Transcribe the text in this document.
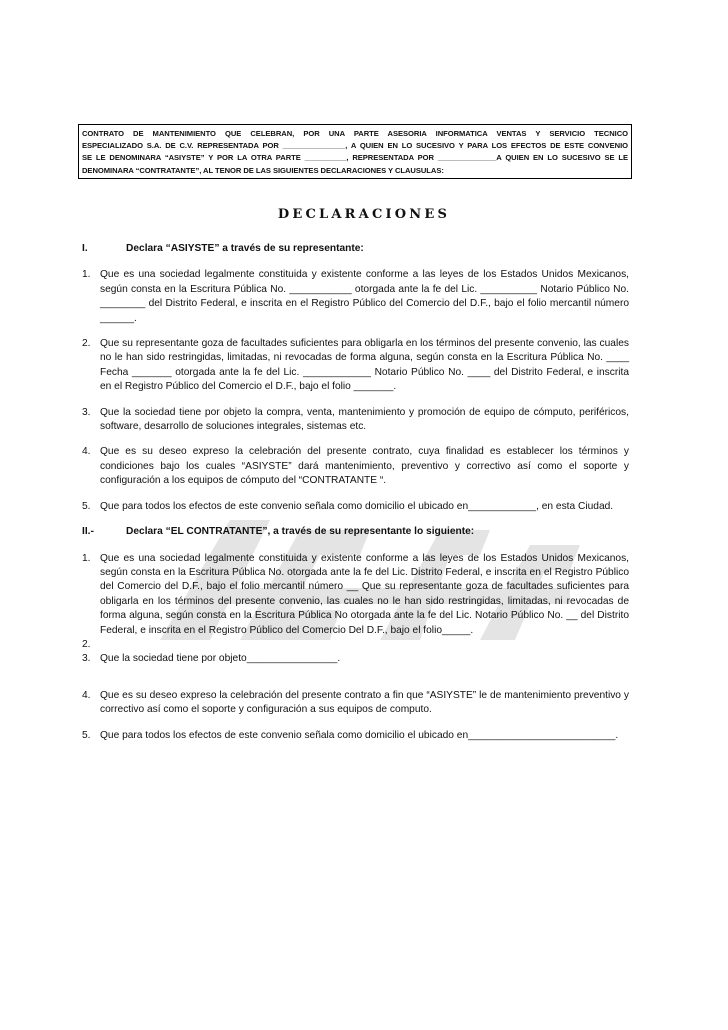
CONTRATO DE MANTENIMIENTO QUE CELEBRAN, POR UNA PARTE ASESORIA INFORMATICA VENTAS Y SERVICIO TECNICO
ESPECIALIZADO S.A. DE C.V. REPRESENTADA POR _______________, A QUIEN EN LO SUCESIVO Y PARA LOS EFECTOS DE ESTE CONVENIO
SE LE DENOMINARA “ASIYSTE” Y POR LA OTRA PARTE __________, REPRESENTADA POR ______________A QUIEN EN LO SUCESIVO SE LE
DENOMINARA “CONTRATANTE”, AL TENOR DE LAS SIGUIENTES DECLARACIONES Y CLAUSULAS:
DECLARACIONES
I.	Declara “ASIYSTE” a través de su representante:
1. Que es una sociedad legalmente constituida y existente conforme a las leyes de los Estados Unidos Mexicanos, según consta en la Escritura Pública No. ___________ otorgada ante la fe del Lic. __________ Notario Público No. ________ del Distrito Federal, e inscrita en el Registro Público del Comercio del D.F., bajo el folio mercantil número ______.
2. Que su representante goza de facultades suficientes para obligarla en los términos del presente convenio, las cuales no le han sido restringidas, limitadas, ni revocadas de forma alguna, según consta en la Escritura Pública No. ____ Fecha _______ otorgada ante la fe del Lic. ____________ Notario Público No. ____ del Distrito Federal, e inscrita en el Registro Público del Comercio el D.F., bajo el folio _______.
3. Que la sociedad tiene por objeto la compra, venta, mantenimiento y promoción de equipo de cómputo, periféricos, software, desarrollo de soluciones integrales, sistemas etc.
4. Que es su deseo expreso la celebración del presente contrato, cuya finalidad es establecer los términos y condiciones bajo los cuales “ASIYSTE” dará mantenimiento, preventivo y correctivo así como el soporte y configuración a los equipos de cómputo del “CONTRATANTE “.
5. Que para todos los efectos de este convenio señala como domicilio el ubicado en____________, en esta Ciudad.
II.-	Declara “EL CONTRATANTE”, a través de su representante lo siguiente:
1. Que es una sociedad legalmente constituida y existente conforme a las leyes de los Estados Unidos Mexicanos, según consta en la Escritura Pública No. otorgada ante la fe del Lic. Distrito Federal, e inscrita en el Registro Público del Comercio del D.F., bajo el folio mercantil número __ Que su representante goza de facultades suficientes para obligarla en los términos del presente convenio, las cuales no le han sido restringidas, limitadas, ni revocadas de forma alguna, según consta en la Escritura Pública No otorgada ante la fe del Lic. Notario Público No. __ del Distrito Federal, e inscrita en el Registro Público del Comercio Del D.F., bajo el folio_____.
2.
3. Que la sociedad tiene por objeto________________.
4. Que es su deseo expreso la celebración del presente contrato a fin que “ASIYSTE” le de mantenimiento preventivo y correctivo así como el soporte y configuración a sus equipos de computo.
5. Que para todos los efectos de este convenio señala como domicilio el ubicado en__________________________.
